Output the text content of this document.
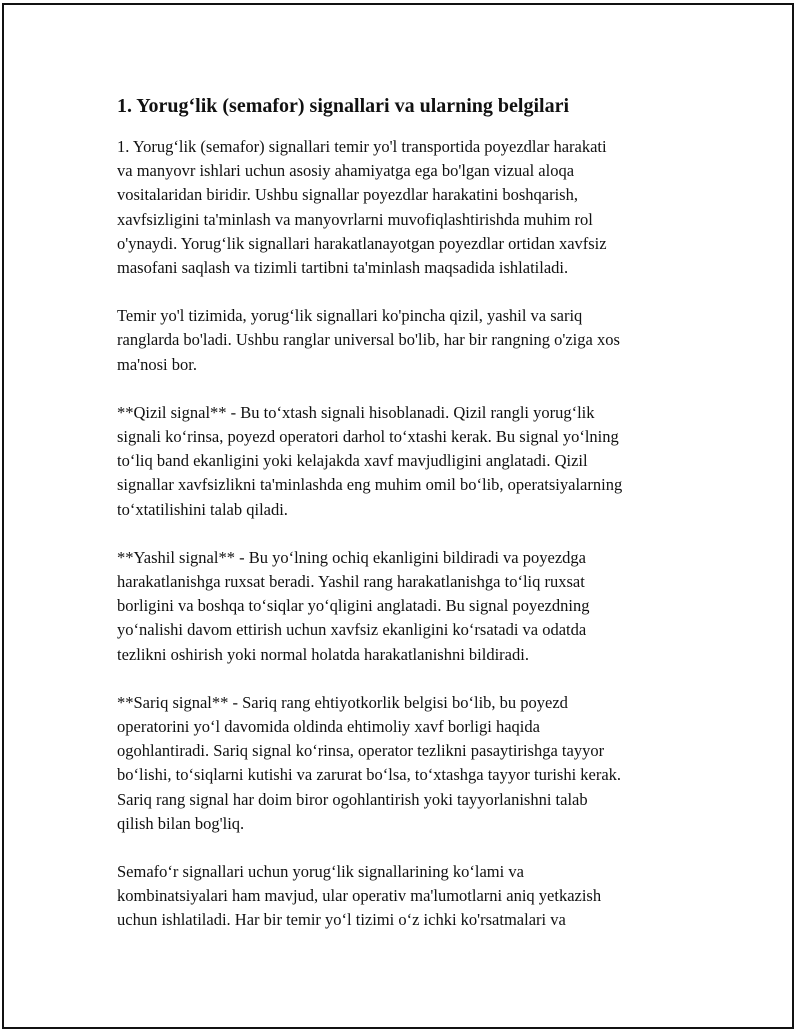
1. Yorug‘lik (semafor) signallari va ularning belgilari

1. Yorug‘lik (semafor) signallari temir yo'l transportida poyezdlar harakati
va manyovr ishlari uchun asosiy ahamiyatga ega bo'lgan vizual aloqa
vositalaridan biridir. Ushbu signallar poyezdlar harakatini boshqarish,
xavfsizligini ta'minlash va manyovrlarni muvofiqlashtirishda muhim rol
o'ynaydi. Yorug‘lik signallari harakatlanayotgan poyezdlar ortidan xavfsiz
masofani saqlash va tizimli tartibni ta'minlash maqsadida ishlatiladi.

Temir yo'l tizimida, yorug‘lik signallari ko'pincha qizil, yashil va sariq
ranglarda bo'ladi. Ushbu ranglar universal bo'lib, har bir rangning o'ziga xos
ma'nosi bor.

**Qizil signal** - Bu to‘xtash signali hisoblanadi. Qizil rangli yorug‘lik
signali ko‘rinsa, poyezd operatori darhol to‘xtashi kerak. Bu signal yo‘lning
to‘liq band ekanligini yoki kelajakda xavf mavjudligini anglatadi. Qizil
signallar xavfsizlikni ta'minlashda eng muhim omil bo‘lib, operatsiyalarning
to‘xtatilishini talab qiladi.

**Yashil signal** - Bu yo‘lning ochiq ekanligini bildiradi va poyezdga
harakatlanishga ruxsat beradi. Yashil rang harakatlanishga to‘liq ruxsat
borligini va boshqa to‘siqlar yo‘qligini anglatadi. Bu signal poyezdning
yo‘nalishi davom ettirish uchun xavfsiz ekanligini ko‘rsatadi va odatda
tezlikni oshirish yoki normal holatda harakatlanishni bildiradi.

**Sariq signal** - Sariq rang ehtiyotkorlik belgisi bo‘lib, bu poyezd
operatorini yo‘l davomida oldinda ehtimoliy xavf borligi haqida
ogohlantiradi. Sariq signal ko‘rinsa, operator tezlikni pasaytirishga tayyor
bo‘lishi, to‘siqlarni kutishi va zarurat bo‘lsa, to‘xtashga tayyor turishi kerak.
Sariq rang signal har doim biror ogohlantirish yoki tayyorlanishni talab
qilish bilan bog'liq.

Semafo‘r signallari uchun yorug‘lik signallarining ko‘lami va
kombinatsiyalari ham mavjud, ular operativ ma'lumotlarni aniq yetkazish
uchun ishlatiladi. Har bir temir yo‘l tizimi o‘z ichki ko'rsatmalari va
